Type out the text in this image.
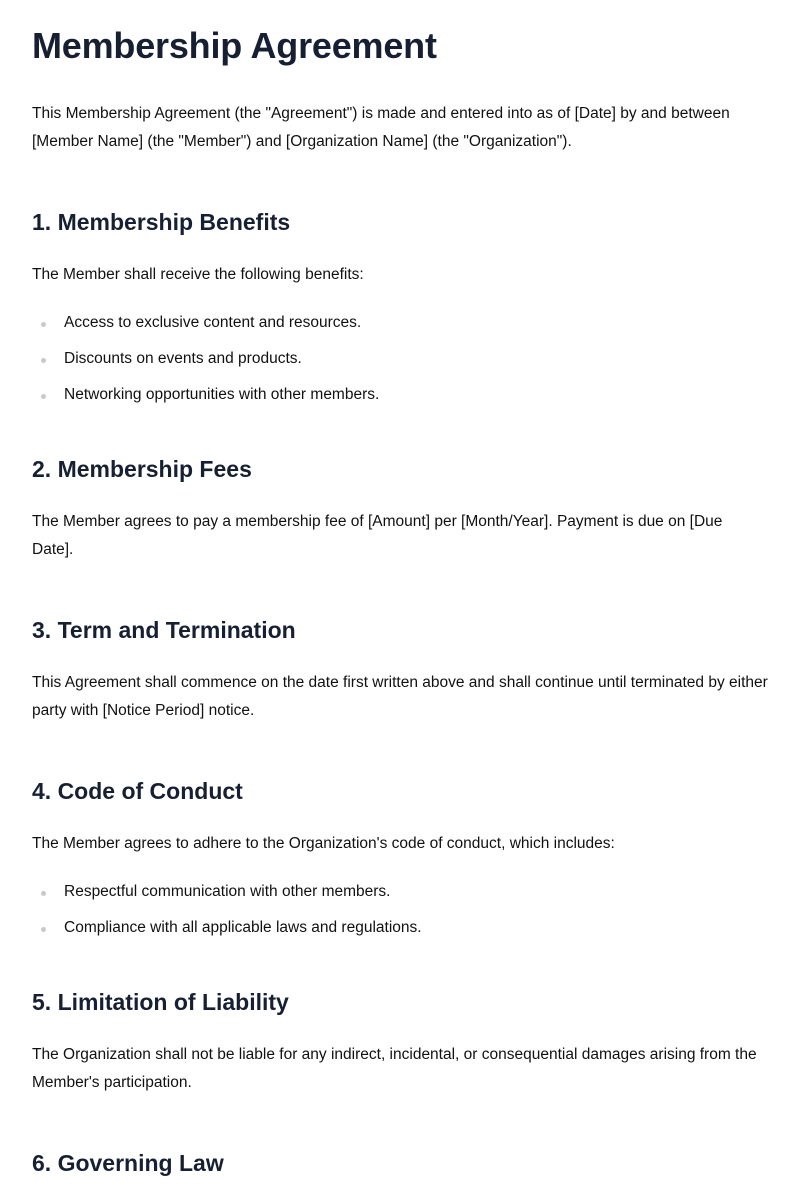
Membership Agreement

This Membership Agreement (the "Agreement") is made and entered into as of [Date] by and between [Member Name] (the "Member") and [Organization Name] (the "Organization").

1. Membership Benefits

The Member shall receive the following benefits:

Access to exclusive content and resources.
Discounts on events and products.
Networking opportunities with other members.
2. Membership Fees

The Member agrees to pay a membership fee of [Amount] per [Month/Year]. Payment is due on [Due Date].

3. Term and Termination

This Agreement shall commence on the date first written above and shall continue until terminated by either party with [Notice Period] notice.

4. Code of Conduct

The Member agrees to adhere to the Organization's code of conduct, which includes:

Respectful communication with other members.
Compliance with all applicable laws and regulations.
5. Limitation of Liability

The Organization shall not be liable for any indirect, incidental, or consequential damages arising from the Member's participation.

6. Governing Law
